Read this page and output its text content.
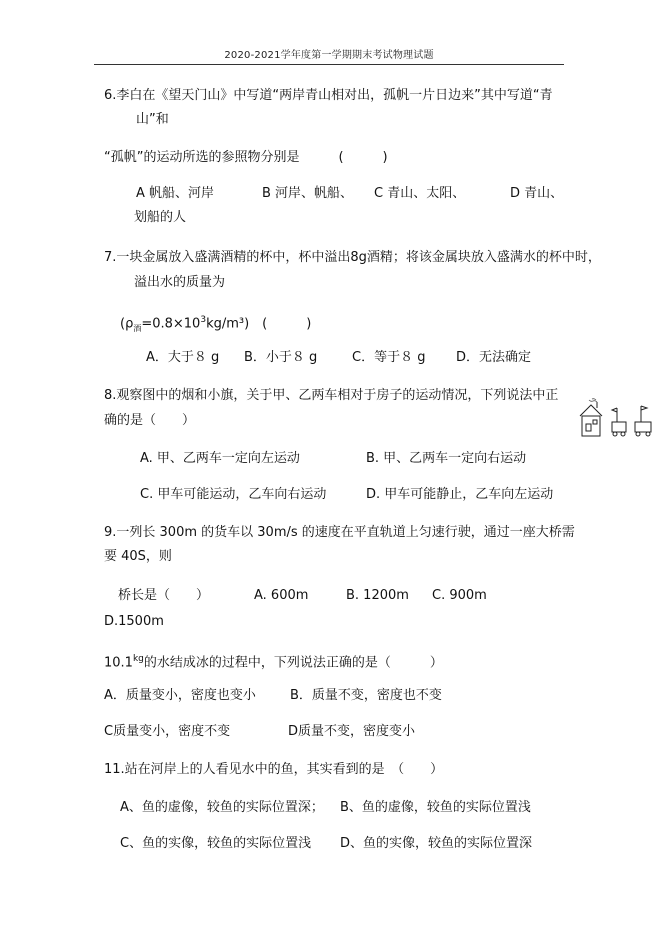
2020-2021学年度第一学期期末考试物理试题
6.李白在《望天门山》中写道“两岸青山相对出，孤帆一片日边来”其中写道“青
山”和
“孤帆”的运动所选的参照物分别是　　　(　　　)
A 帆船、河岸	B 河岸、帆船、 C 青山、太阳、	D 青山、
划船的人
7.一块金属放入盛满酒精的杯中，杯中溢出8g酒精；将该金属块放入盛满水的杯中时，
溢出水的质量为
$(\rho_酒=0.8\times 10^3kg/m^3)$　(　　　)
A．大于８ g B．小于８ g	C．等于８ g D．无法确定
8.观察图中的烟和小旗，关于甲、乙两车相对于房子的运动情况，下列说法中正
确的是（　　）
A. 甲、乙两车一定向左运动	B. 甲、乙两车一定向右运动
C. 甲车可能运动，乙车向右运动	D. 甲车可能静止，乙车向左运动
9.一列长 300m 的货车以 30m/s 的速度在平直轨道上匀速行驶，通过一座大桥需
要 40S，则
桥长是（　　）	A. 600m	B. 1200m C. 900m
D.1500m
$10.1^{kg}$的水结成冰的过程中，下列说法正确的是（　　　）
A．质量变小，密度也变小	B．质量不变，密度也不变
C质量变小，密度不变	D质量不变，密度变小
11.站在河岸上的人看见水中的鱼，其实看到的是　（　　）
A、鱼的虚像，较鱼的实际位置深； B、鱼的虚像，较鱼的实际位置浅
C、鱼的实像，较鱼的实际位置浅 D、鱼的实像，较鱼的实际位置深
